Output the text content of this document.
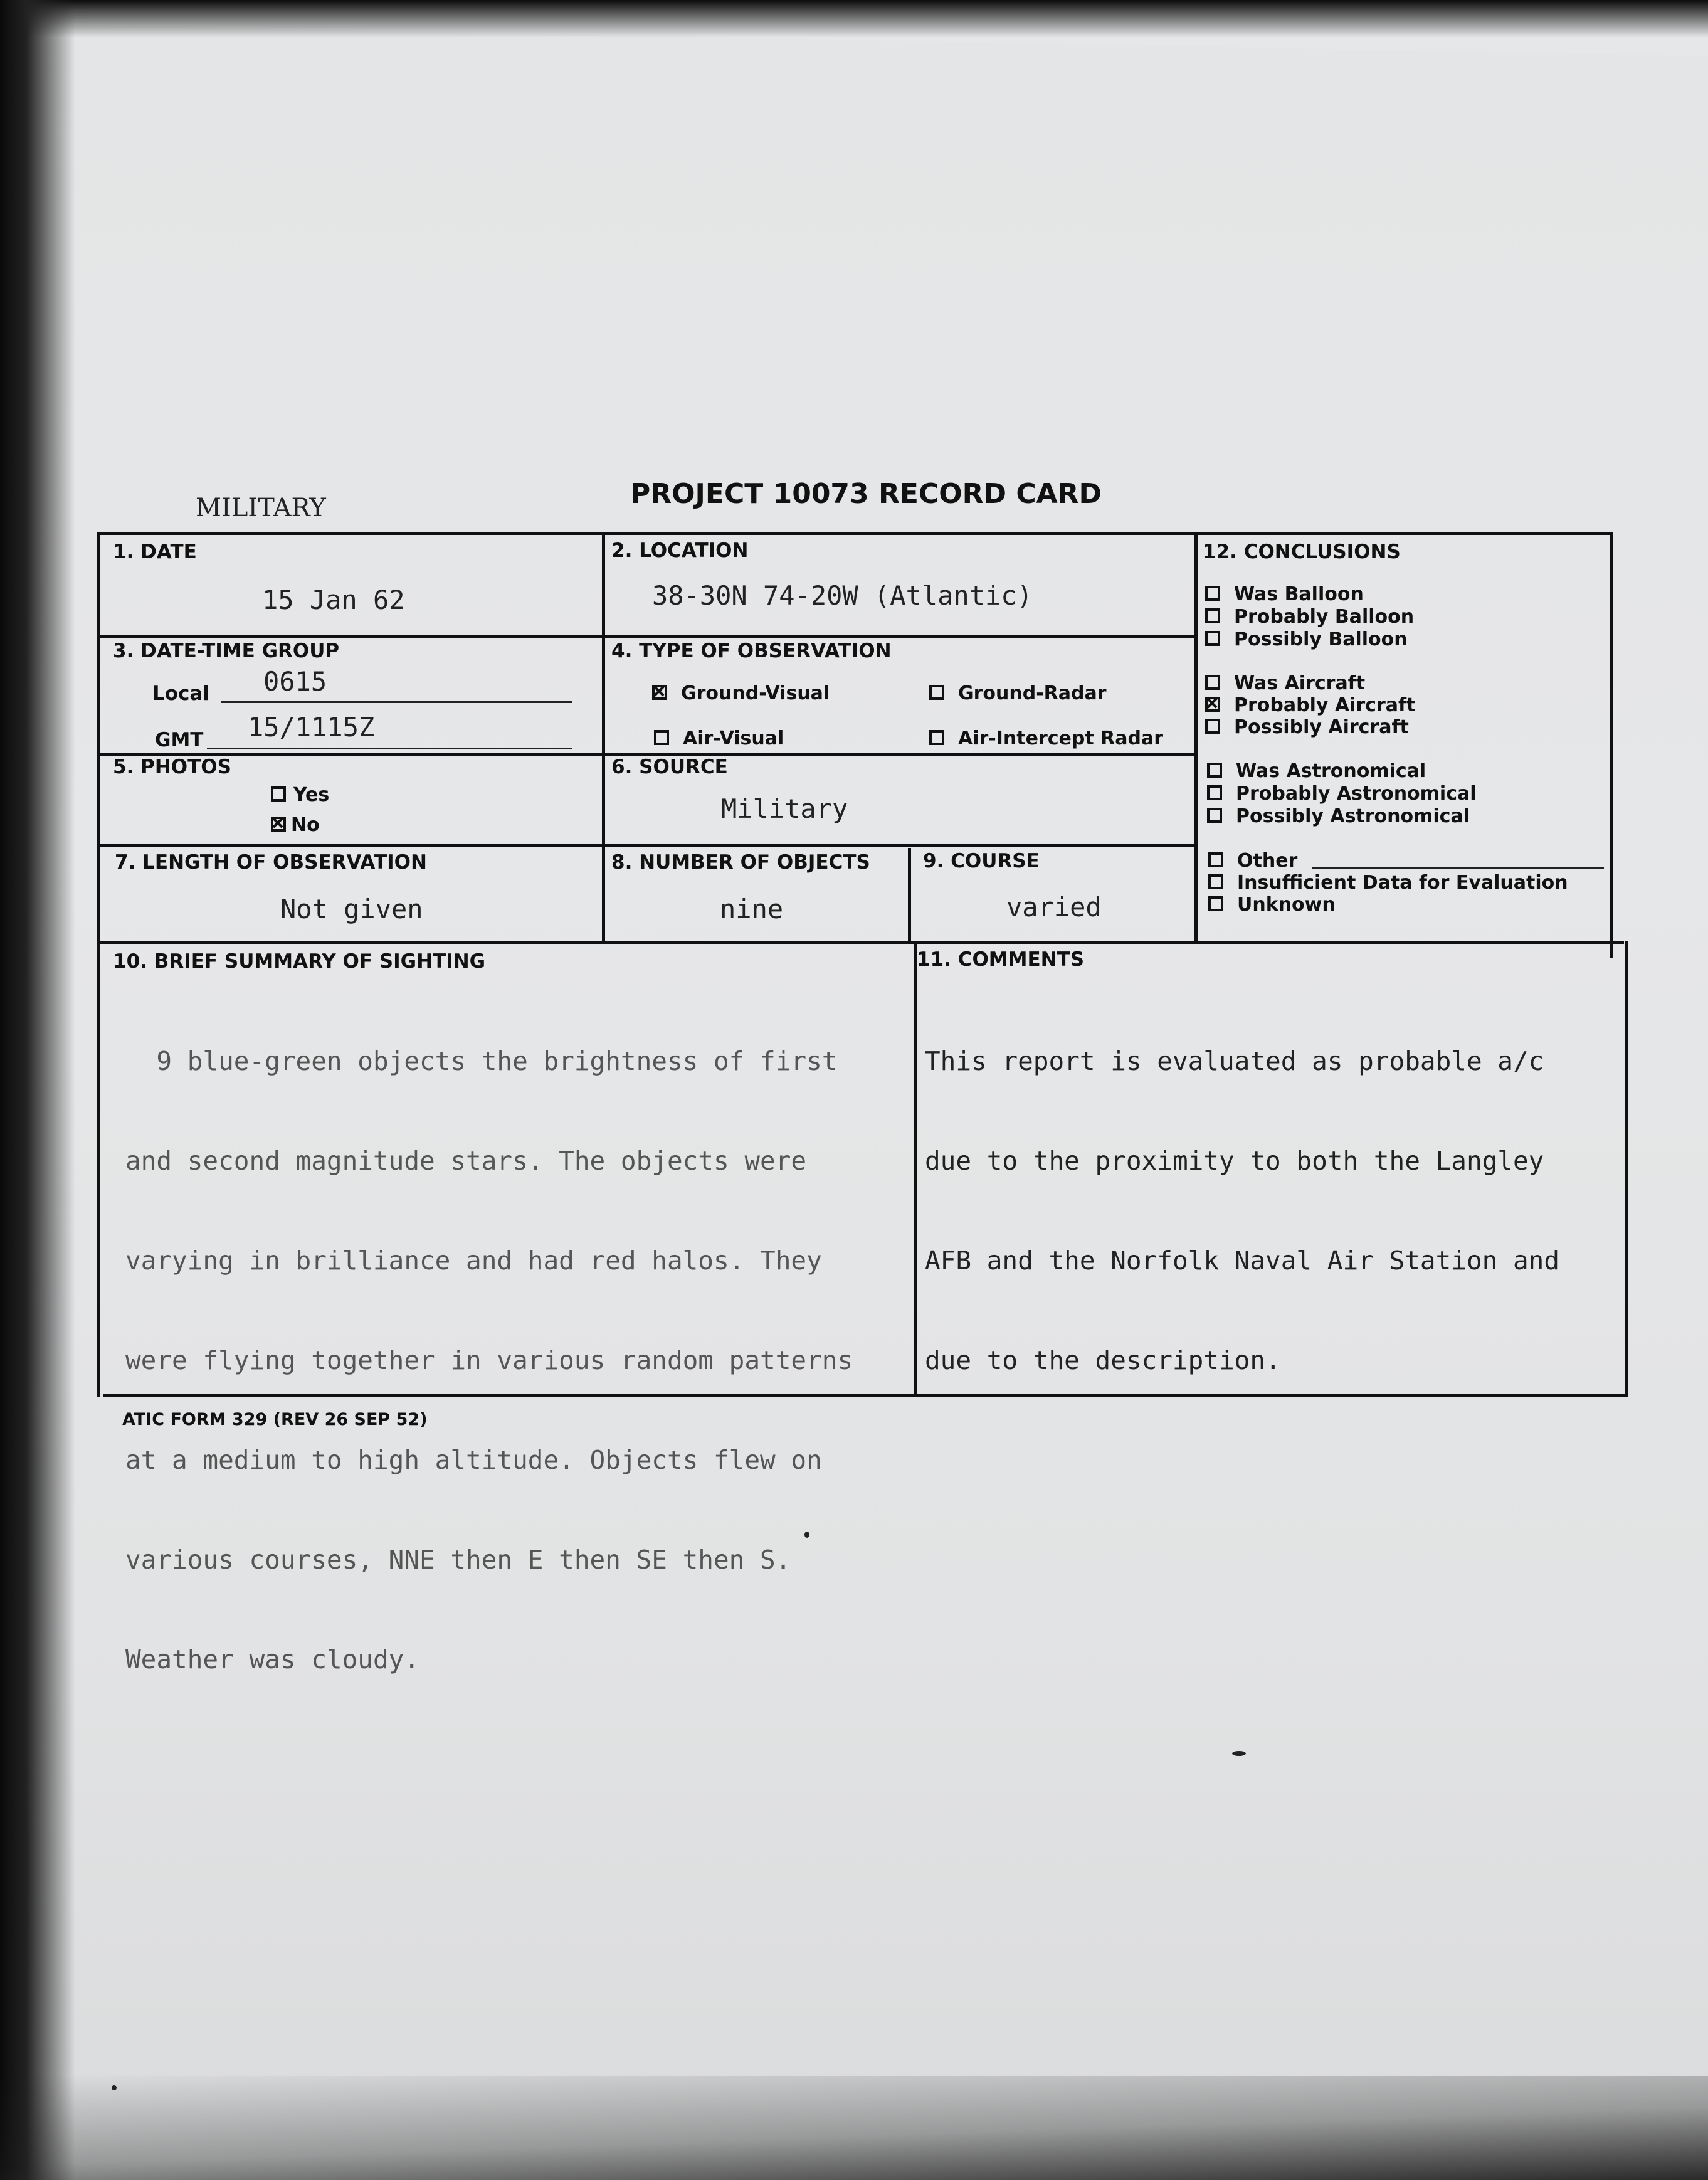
MILITARY	PROJECT 10073 RECORD CARD
1. DATE
15 Jan 62
2. LOCATION
38-30N 74-20W (Atlantic)
3. DATE-TIME GROUP
Local 0615
GMT 15/1115Z
4. TYPE OF OBSERVATION
Ground-Visual	Ground-Radar
Air-Visual	Air-Intercept Radar
5. PHOTOS
Yes
No
6. SOURCE
Military
7. LENGTH OF OBSERVATION
Not given
8. NUMBER OF OBJECTS
nine
9. COURSE
varied
12. CONCLUSIONS
Was Balloon
Probably Balloon
Possibly Balloon
Was Aircraft
Probably Aircraft
Possibly Aircraft
Was Astronomical
Probably Astronomical
Possibly Astronomical
Other
Insufficient Data for Evaluation
Unknown
10. BRIEF SUMMARY OF SIGHTING

9 blue-green objects the brightness of first

and second magnitude stars. The objects were

varying in brilliance and had red halos. They

were flying together in various random patterns

at a medium to high altitude. Objects flew on

various courses, NNE then E then SE then S.

Weather was cloudy.

11. COMMENTS

This report is evaluated as probable a/c

due to the proximity to both the Langley

AFB and the Norfolk Naval Air Station and

due to the description.

ATIC FORM 329 (REV 26 SEP 52)
